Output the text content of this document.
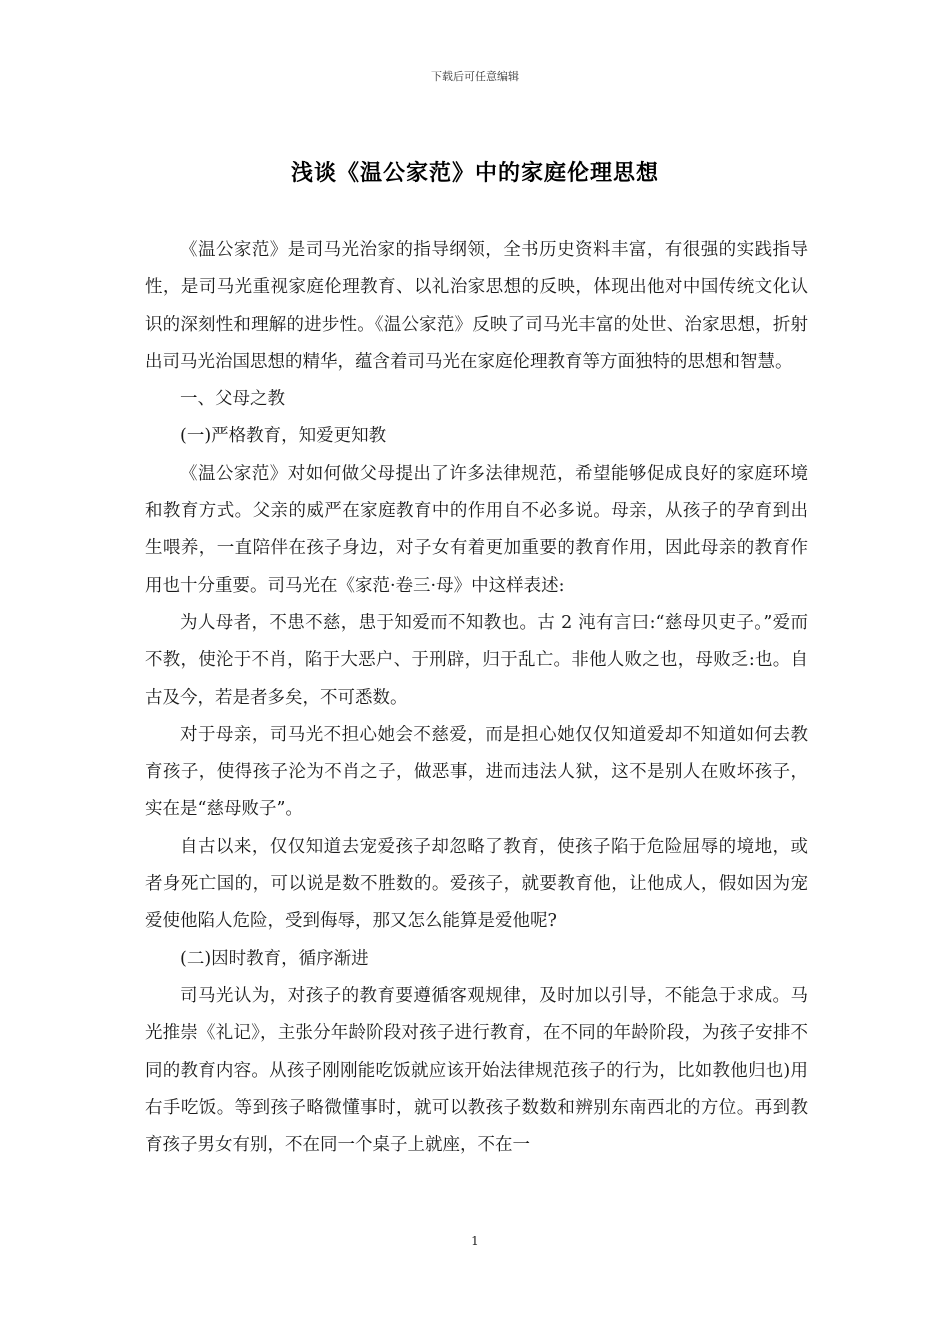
下载后可任意编辑
浅谈《温公家范》中的家庭伦理思想

《温公家范》是司马光治家的指导纲领，全书历史资料丰富，有很强的实践指导性，是司马光重视家庭伦理教育、以礼治家思想的反映，体现出他对中国传统文化认识的深刻性和理解的进步性。《温公家范》反映了司马光丰富的处世、治家思想，折射出司马光治国思想的精华，蕴含着司马光在家庭伦理教育等方面独特的思想和智慧。

一、父母之教

(一)严格教育，知爱更知教

《温公家范》对如何做父母提出了许多法律规范，希望能够促成良好的家庭环境和教育方式。父亲的威严在家庭教育中的作用自不必多说。母亲，从孩子的孕育到出生喂养，一直陪伴在孩子身边，对子女有着更加重要的教育作用，因此母亲的教育作用也十分重要。司马光在《家范·卷三·母》中这样表述:

为人母者，不患不慈，患于知爱而不知教也。古 2 沌有言曰:“慈母贝吏子。”爱而不教，使沦于不肖，陷于大恶户、于刑辟，归于乱亡。非他人败之也，母败乏:也。自古及今，若是者多矣，不可悉数。

对于母亲，司马光不担心她会不慈爱，而是担心她仅仅知道爱却不知道如何去教育孩子，使得孩子沦为不肖之子，做恶事，进而违法人狱，这不是别人在败坏孩子，实在是“慈母败子”。

自古以来，仅仅知道去宠爱孩子却忽略了教育，使孩子陷于危险屈辱的境地，或者身死亡国的，可以说是数不胜数的。爱孩子，就要教育他，让他成人，假如因为宠爱使他陷人危险，受到侮辱，那又怎么能算是爱他呢?

(二)因时教育，循序渐进

司马光认为，对孩子的教育要遵循客观规律，及时加以引导，不能急于求成。马光推崇《礼记》，主张分年龄阶段对孩子进行教育，在不同的年龄阶段，为孩子安排不同的教育内容。从孩子刚刚能吃饭就应该开始法律规范孩子的行为，比如教他归也)用右手吃饭。等到孩子略微懂事时，就可以教孩子数数和辨别东南西北的方位。再到教育孩子男女有别，不在同一个桌子上就座，不在一

1
